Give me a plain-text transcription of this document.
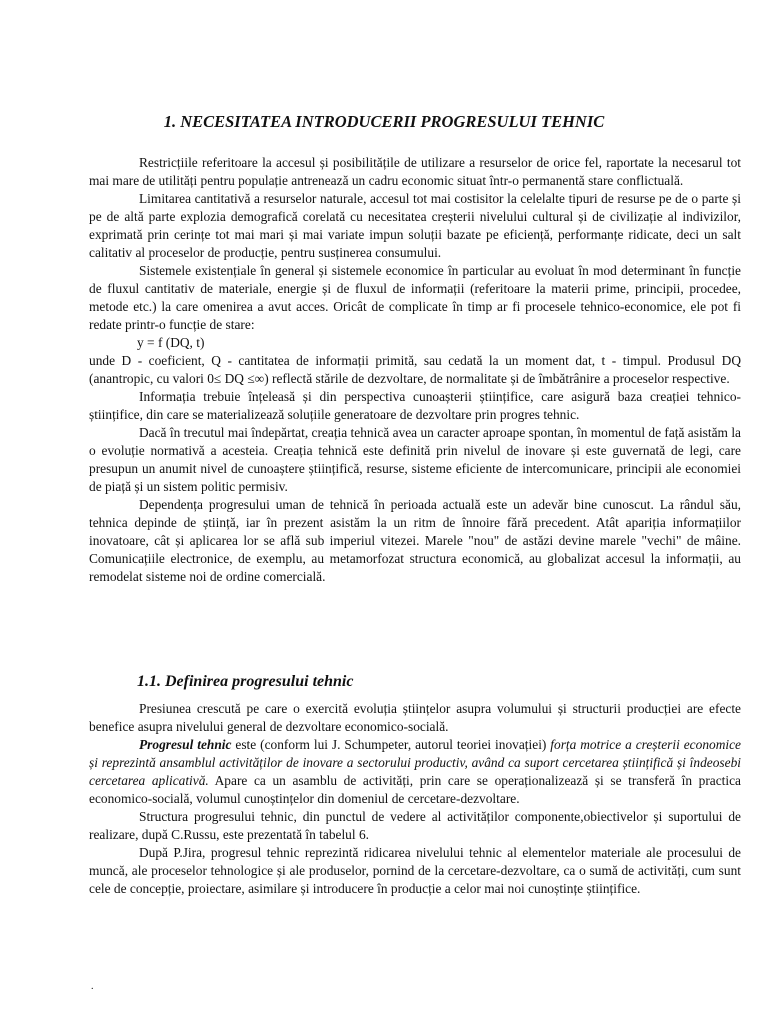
1. NECESITATEA INTRODUCERII PROGRESULUI TEHNIC

Restricțiile referitoare la accesul și posibilitățile de utilizare a resurselor de orice fel, raportate la necesarul tot mai mare de utilități pentru populație antrenează un cadru economic situat într-o permanentă stare conflictuală.

Limitarea cantitativă a resurselor naturale, accesul tot mai costisitor la celelalte tipuri de resurse pe de o parte și pe de altă parte explozia demografică corelată cu necesitatea creșterii nivelului cultural și de civilizație al indivizilor, exprimată prin cerințe tot mai mari și mai variate impun soluții bazate pe eficiență, performanțe ridicate, deci un salt calitativ al proceselor de producție, pentru susținerea consumului.

Sistemele existențiale în general și sistemele economice în particular au evoluat în mod determinant în funcție de fluxul cantitativ de materiale, energie și de fluxul de informații (referitoare la materii prime, principii, procedee, metode etc.) la care omenirea a avut acces. Oricât de complicate în timp ar fi procesele tehnico-economice, ele pot fi redate printr-o funcție de stare:

y = f (DQ, t)

unde D - coeficient, Q - cantitatea de informații primită, sau cedată la un moment dat, t - timpul. Produsul DQ (anantropic, cu valori 0≤ DQ ≤∞) reflectă stările de dezvoltare, de normalitate și de îmbătrânire a proceselor respective.

Informația trebuie înțeleasă și din perspectiva cunoașterii științifice, care asigură baza creației tehnico-științifice, din care se materializează soluțiile generatoare de dezvoltare prin progres tehnic.

Dacă în trecutul mai îndepărtat, creația tehnică avea un caracter aproape spontan, în momentul de față asistăm la o evoluție normativă a acesteia. Creația tehnică este definită prin nivelul de inovare și este guvernată de legi, care presupun un anumit nivel de cunoaștere științifică, resurse, sisteme eficiente de intercomunicare, principii ale economiei de piață și un sistem politic permisiv.

Dependența progresului uman de tehnică în perioada actuală este un adevăr bine cunoscut. La rândul său, tehnica depinde de știință, iar în prezent asistăm la un ritm de înnoire fără precedent. Atât apariția informațiilor inovatoare, cât și aplicarea lor se află sub imperiul vitezei. Marele "nou" de astăzi devine marele "vechi" de mâine. Comunicațiile electronice, de exemplu, au metamorfozat structura economică, au globalizat accesul la informații, au remodelat sisteme noi de ordine comercială.

1.1. Definirea progresului tehnic

Presiunea crescută pe care o exercită evoluția științelor asupra volumului și structurii producției are efecte benefice asupra nivelului general de dezvoltare economico-socială.

Progresul tehnic este (conform lui J. Schumpeter, autorul teoriei inovației) forța motrice a creșterii economice și reprezintă ansamblul activităților de inovare a sectorului productiv, având ca suport cercetarea științifică și îndeosebi cercetarea aplicativă. Apare ca un asamblu de activități, prin care se operaționalizează și se transferă în practica economico-socială, volumul cunoștințelor din domeniul de cercetare-dezvoltare.

Structura progresului tehnic, din punctul de vedere al activităților componente,obiectivelor și suportului de realizare, după C.Russu, este prezentată în tabelul 6.

După P.Jira, progresul tehnic reprezintă ridicarea nivelului tehnic al elementelor materiale ale procesului de muncă, ale proceselor tehnologice și ale produselor, pornind de la cercetare-dezvoltare, ca o sumă de activități, cum sunt cele de concepție, proiectare, asimilare și introducere în producție a celor mai noi cunoștințe științifice.

.
